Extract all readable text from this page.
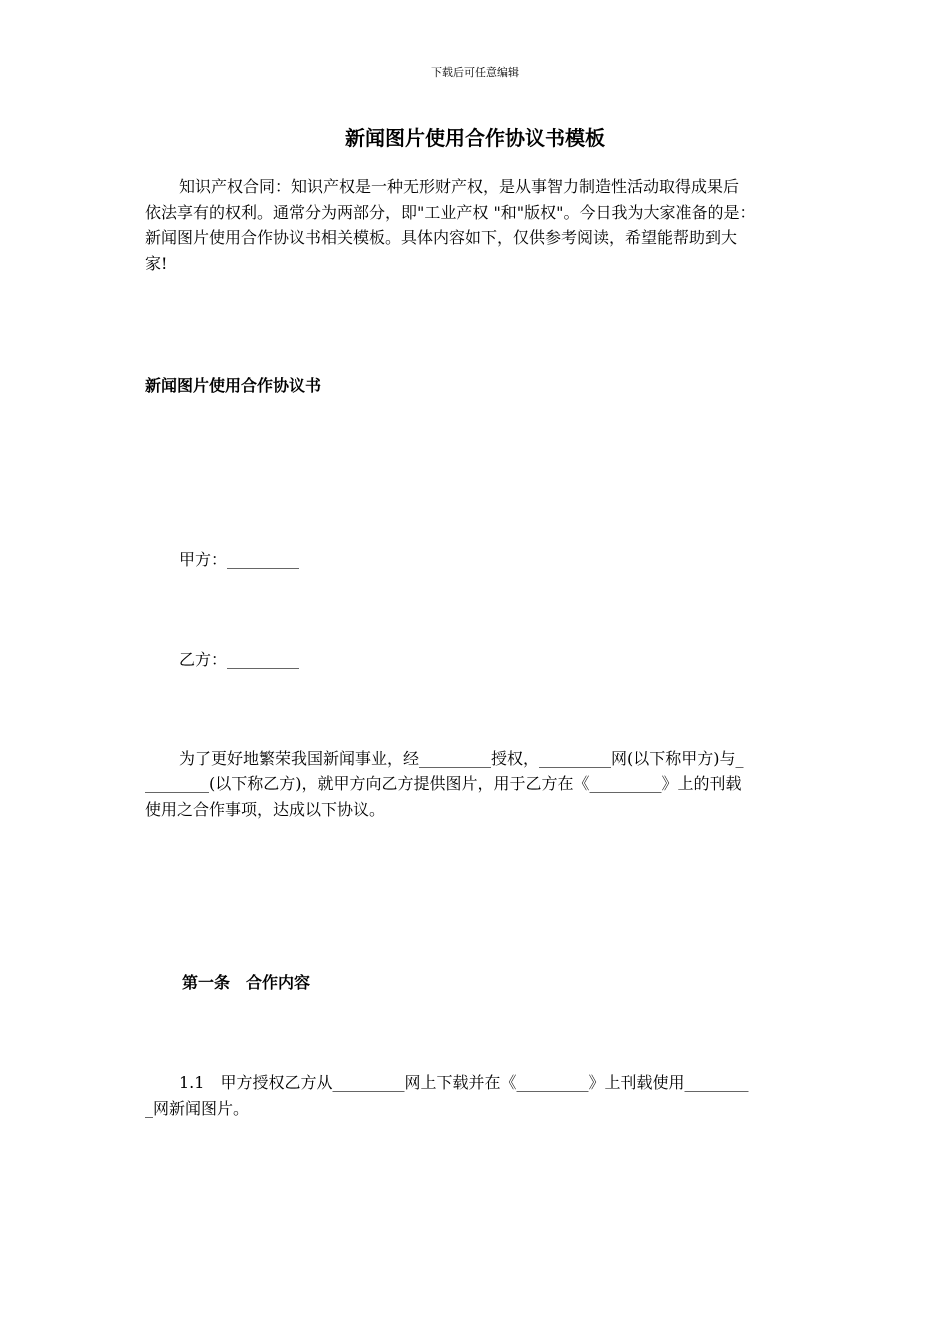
下载后可任意编辑
新闻图片使用合作协议书模板
知识产权合同：知识产权是一种无形财产权，是从事智力制造性活动取得成果后
依法享有的权利。通常分为两部分，即"工业产权 "和"版权"。今日我为大家准备的是：
新闻图片使用合作协议书相关模板。具体内容如下，仅供参考阅读，希望能帮助到大
家!
新闻图片使用合作协议书
甲方：_________
乙方：_________
为了更好地繁荣我国新闻事业，经_________授权，_________网(以下称甲方)与_
________(以下称乙方)，就甲方向乙方提供图片，用于乙方在《_________》上的刊载
使用之合作事项，达成以下协议。
第一条　合作内容
1.1　甲方授权乙方从_________网上下载并在《_________》上刊载使用________
_网新闻图片。
